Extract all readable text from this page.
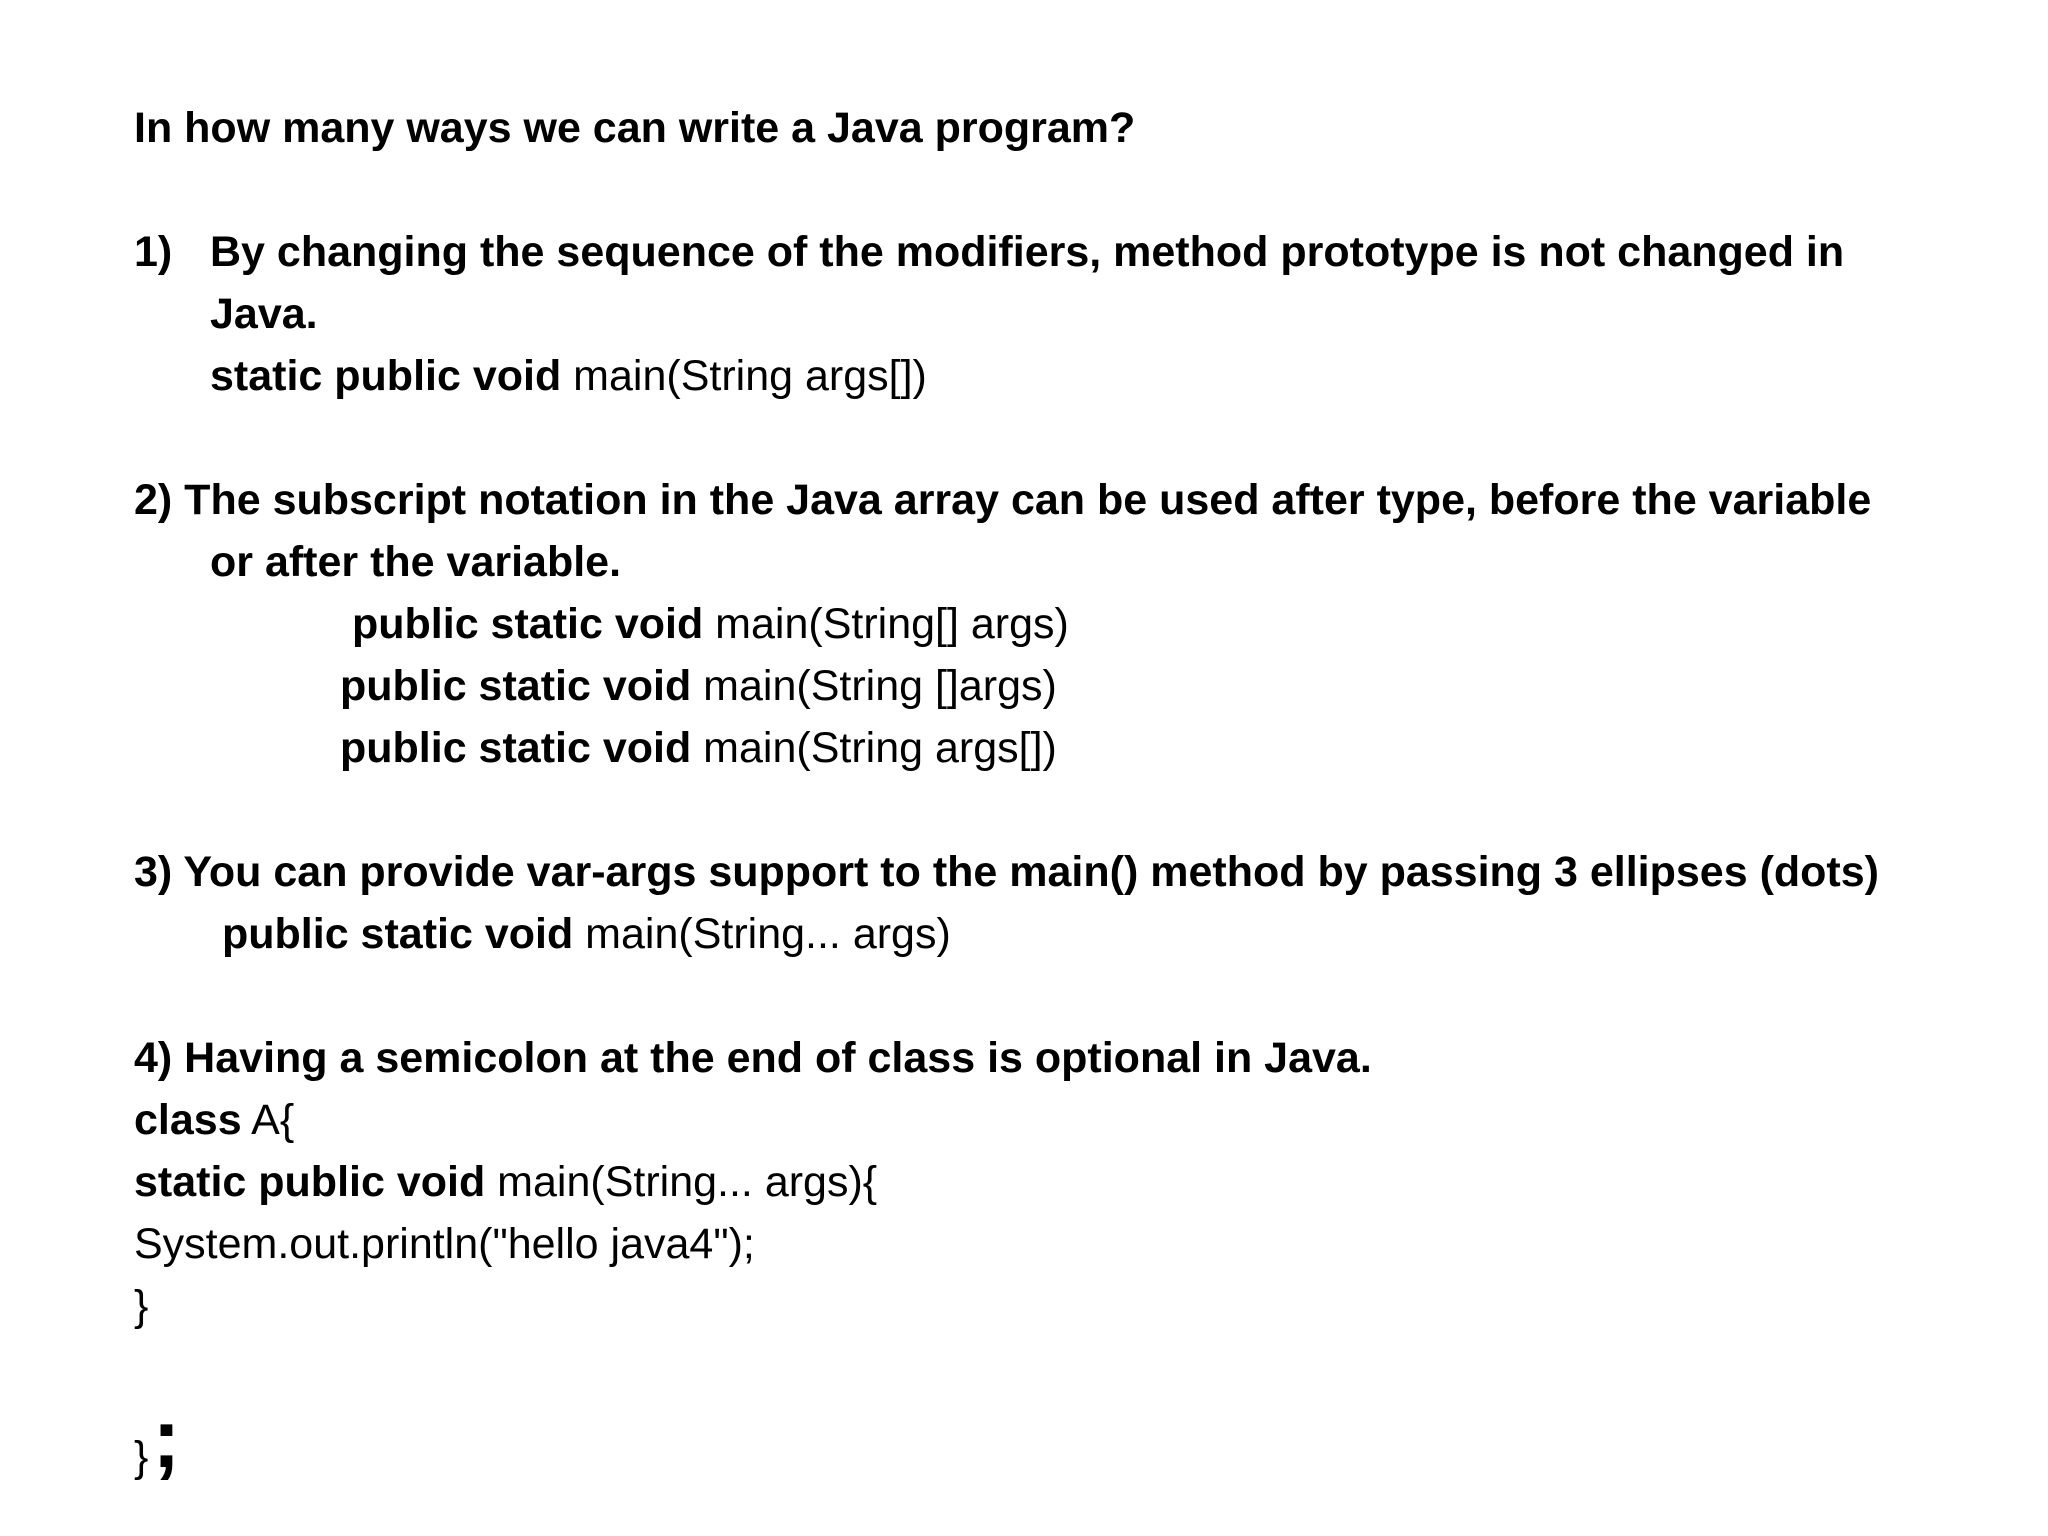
In how many ways we can write a Java program?
1) By changing the sequence of the modifiers, method prototype is not changed in
Java.
static public void main(String args[])
2) The subscript notation in the Java array can be used after type, before the variable
or after the variable.
public static void main(String[] args)
public static void main(String []args)
public static void main(String args[])
3) You can provide var-args support to the main() method by passing 3 ellipses (dots)
public static void main(String... args)
4) Having a semicolon at the end of class is optional in Java.
class A{
static public void main(String... args){
System.out.println("hello java4");
}
};
